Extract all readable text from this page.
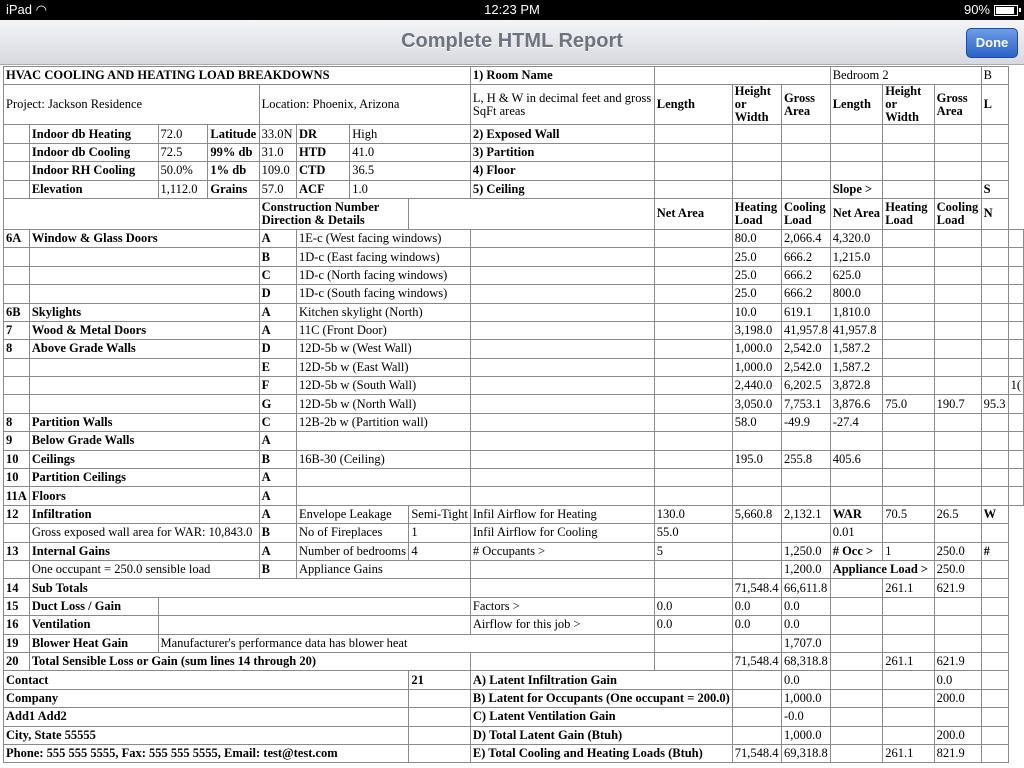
iPad ◠	12:23 PM	90%
Complete HTML Report	Done
HVAC COOLING AND HEATING LOAD BREAKDOWNS								1) Room Name				Bedroom 2			B	
Project: Jackson Residence				Location: Phoenix, Arizona				L, H & W in decimal feet and gross SqFt areas	Length	Height or Width	Gross Area	Length	Height or Width	Gross Area	L	
	Indoor db Heating	72.0	Latitude	33.0N	DR	High		2) Exposed Wall								
	Indoor db Cooling	72.5	99% db	31.0	HTD	41.0		3) Partition								
	Indoor RH Cooling	50.0%	1% db	109.0	CTD	36.5		4) Floor								
	Elevation	1,112.0	Grains	57.0	ACF	1.0		5) Ceiling				Slope >			S	
				Construction Number Direction & Details					Net Area	Heating Load	Cooling Load	Net Area	Heating Load	Cooling Load	N	
6A	Window & Glass Doors			A	1E-c (West facing windows)					80.0	2,066.4	4,320.0				
				B	1D-c (East facing windows)					25.0	666.2	1,215.0				
				C	1D-c (North facing windows)					25.0	666.2	625.0				
				D	1D-c (South facing windows)					25.0	666.2	800.0				
6B	Skylights			A	Kitchen skylight (North)					10.0	619.1	1,810.0				
7	Wood & Metal Doors			A	11C (Front Door)					3,198.0	41,957.8	41,957.8				
8	Above Grade Walls			D	12D-5b w (West Wall)					1,000.0	2,542.0	1,587.2				
				E	12D-5b w (East Wall)					1,000.0	2,542.0	1,587.2				
				F	12D-5b w (South Wall)					2,440.0	6,202.5	3,872.8				1(
				G	12D-5b w (North Wall)					3,050.0	7,753.1	3,876.6	75.0	190.7	95.3	
8	Partition Walls			C	12B-2b w (Partition wall)					58.0	-49.9	-27.4				
9	Below Grade Walls			A												
10	Ceilings			B	16B-30 (Ceiling)					195.0	255.8	405.6				
10	Partition Ceilings			A												
11A	Floors			A												
12	Infiltration			A	Envelope Leakage		Semi-Tight	Infil Airflow for Heating	130.0	5,660.8	2,132.1	WAR	70.5	26.5	W	
	Gross exposed wall area for WAR: 10,843.0			B	No of Fireplaces		1	Infil Airflow for Cooling	55.0			0.01				
13	Internal Gains			A	Number of bedrooms		4	# Occupants >	5		1,250.0	# Occ >	1	250.0	#	
	One occupant = 250.0 sensible load			B	Appliance Gains						1,200.0	Appliance Load >		250.0		
14	Sub Totals									71,548.4	66,611.8		261.1	621.9		
15	Duct Loss / Gain							Factors >	0.0	0.0	0.0					
16	Ventilation							Airflow for this job >	0.0	0.0	0.0					
19	Blower Heat Gain	Manufacturer's performance data has blower heat									1,707.0					
20	Total Sensible Loss or Gain (sum lines 14 through 20)									71,548.4	68,318.8		261.1	621.9		
Contact							21	A) Latent Infiltration Gain			0.0			0.0		
Company								B) Latent for Occupants (One occupant = 200.0)			1,000.0			200.0		
Add1 Add2								C) Latent Ventilation Gain			-0.0					
City, State 55555								D) Total Latent Gain (Btuh)			1,000.0			200.0		
Phone: 555 555 5555, Fax: 555 555 5555, Email: test@test.com								E) Total Cooling and Heating Loads (Btuh)		71,548.4	69,318.8		261.1	821.9		
